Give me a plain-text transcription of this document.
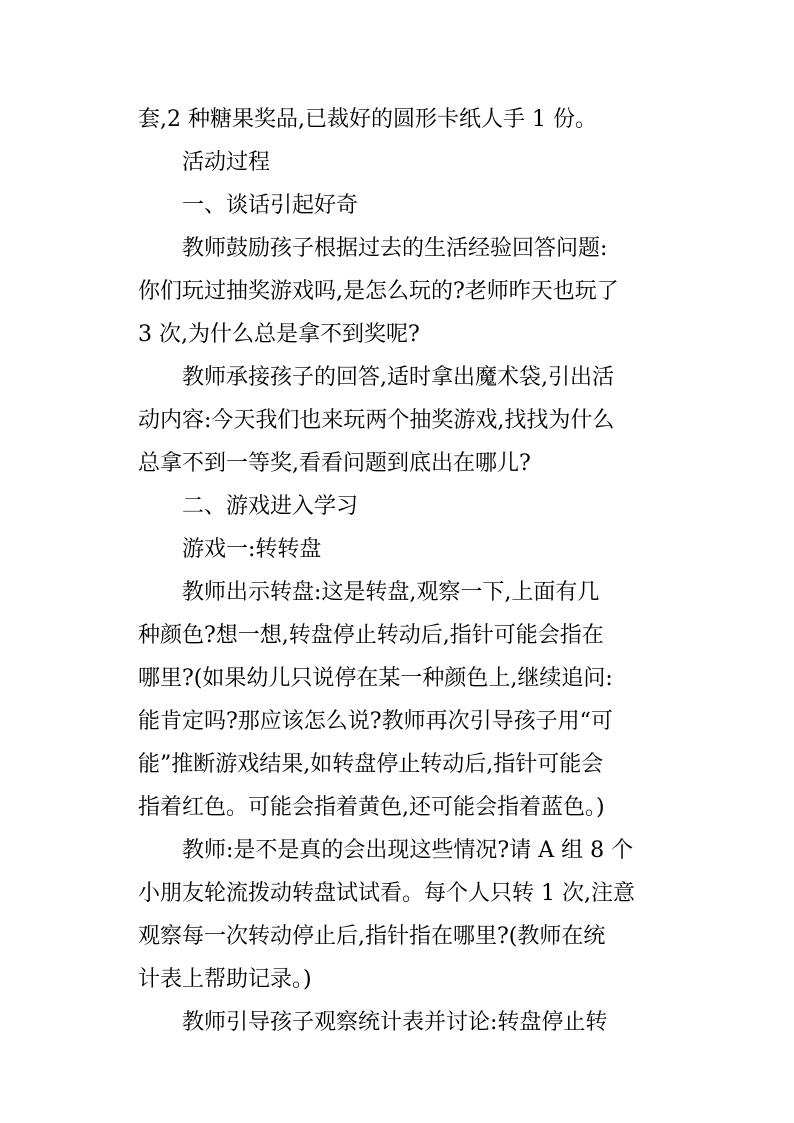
套,2 种糖果奖品,已裁好的圆形卡纸人手 1 份。
活动过程
一、谈话引起好奇
教师鼓励孩子根据过去的生活经验回答问题:
你们玩过抽奖游戏吗,是怎么玩的?老师昨天也玩了
3 次,为什么总是拿不到奖呢?
教师承接孩子的回答,适时拿出魔术袋,引出活
动内容:今天我们也来玩两个抽奖游戏,找找为什么
总拿不到一等奖,看看问题到底出在哪儿?
二、游戏进入学习
游戏一:转转盘
教师出示转盘:这是转盘,观察一下,上面有几
种颜色?想一想,转盘停止转动后,指针可能会指在
哪里?(如果幼儿只说停在某一种颜色上,继续追问:
能肯定吗?那应该怎么说?教师再次引导孩子用“可
能”推断游戏结果,如转盘停止转动后,指针可能会
指着红色。可能会指着黄色,还可能会指着蓝色。)
教师:是不是真的会出现这些情况?请 A 组 8 个
小朋友轮流拨动转盘试试看。每个人只转 1 次,注意
观察每一次转动停止后,指针指在哪里?(教师在统
计表上帮助记录。)
教师引导孩子观察统计表并讨论:转盘停止转
